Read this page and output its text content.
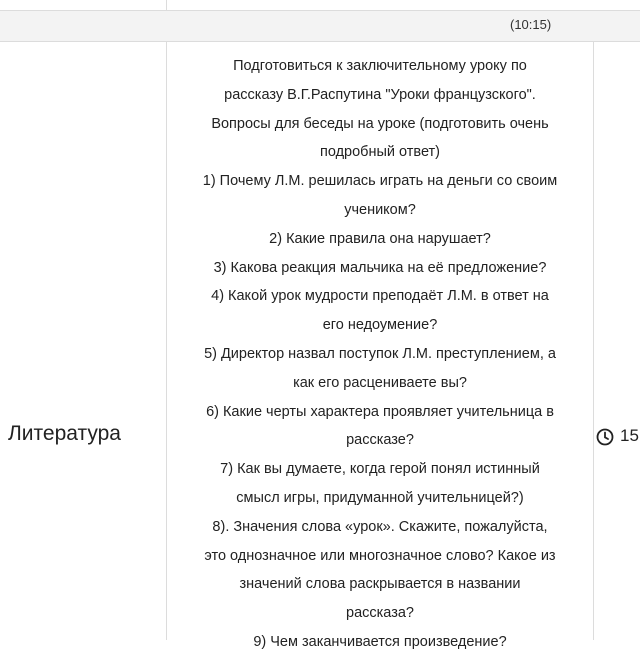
(10:15)
Литература
Подготовиться к заключительному уроку по
рассказу В.Г.Распутина "Уроки французского".
Вопросы для беседы на уроке (подготовить очень
подробный ответ)
1) Почему Л.М. решилась играть на деньги со своим
учеником?
2) Какие правила она нарушает?
3) Какова реакция мальчика на её предложение?
4) Какой урок мудрости преподаёт Л.М. в ответ на
его недоумение?
5) Директор назвал поступок Л.М. преступлением, а
как его расцениваете вы?
6) Какие черты характера проявляет учительница в
рассказе?
7) Как вы думаете, когда герой понял истинный
смысл игры, придуманной учительницей?)
8). Значения слова «урок». Скажите, пожалуйста,
это однозначное или многозначное слово? Какое из
значений слова раскрывается в названии
рассказа?
9) Чем заканчивается произведение?
15
